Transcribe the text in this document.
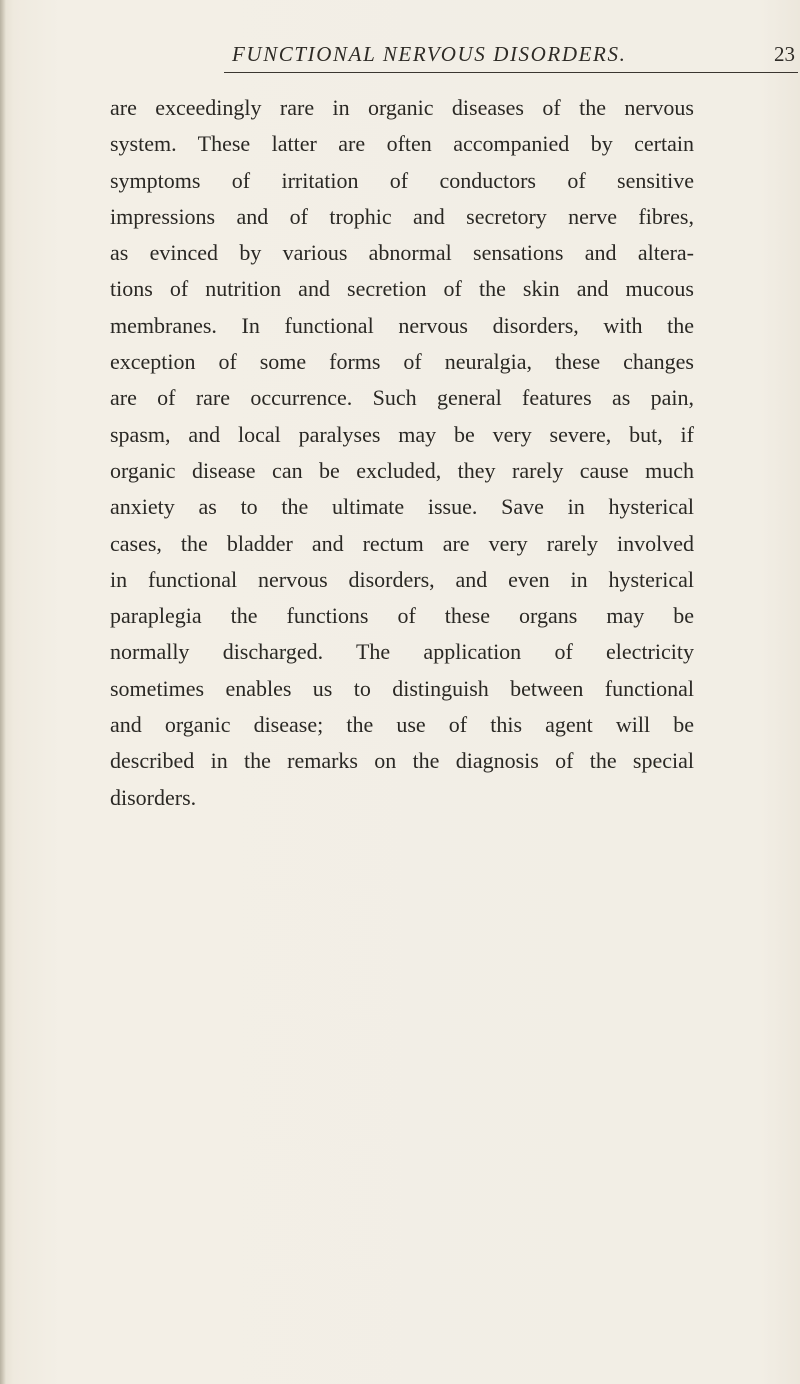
FUNCTIONAL NERVOUS DISORDERS.	23

are exceedingly rare in organic diseases of the nervous
system. These latter are often accompanied by certain
symptoms of irritation of conductors of sensitive
impressions and of trophic and secretory nerve fibres,
as evinced by various abnormal sensations and altera-
tions of nutrition and secretion of the skin and mucous
membranes. In functional nervous disorders, with the
exception of some forms of neuralgia, these changes
are of rare occurrence. Such general features as pain,
spasm, and local paralyses may be very severe, but, if
organic disease can be excluded, they rarely cause much
anxiety as to the ultimate issue. Save in hysterical
cases, the bladder and rectum are very rarely involved
in functional nervous disorders, and even in hysterical
paraplegia the functions of these organs may be
normally discharged. The application of electricity
sometimes enables us to distinguish between functional
and organic disease; the use of this agent will be
described in the remarks on the diagnosis of the special
disorders.
